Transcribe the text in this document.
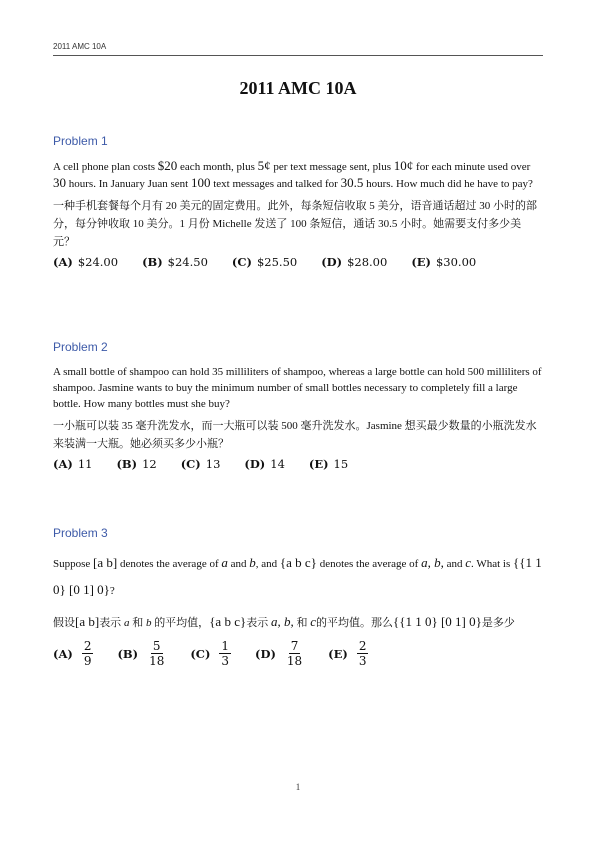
2011 AMC 10A
2011 AMC 10A
Problem 1

A cell phone plan costs $20 each month, plus 5¢ per text message sent, plus 10¢ for each minute used over 30 hours. In January Juan sent 100 text messages and talked for 30.5 hours. How much did he have to pay?

一种手机套餐每个月有 20 美元的固定费用。此外，每条短信收取 5 美分，语音通话超过 30 小时的部分，每分钟收取 10 美分。1 月份 Michelle 发送了 100 条短信，通话 30.5 小时。她需要支付多少美元？

(A) $24.00 (B) $24.50 (C) $25.50 (D) $28.00 (E) $30.00
Problem 2

A small bottle of shampoo can hold 35 milliliters of shampoo, whereas a large bottle can hold 500 milliliters of shampoo. Jasmine wants to buy the minimum number of small bottles necessary to completely fill a large bottle. How many bottles must she buy?

一小瓶可以装 35 毫升洗发水，而一大瓶可以装 500 毫升洗发水。Jasmine 想买最少数量的小瓶洗发水来装满一大瓶。她必须买多少小瓶？

(A) 11 (B) 12 (C) 13 (D) 14 (E) 15
Problem 3

Suppose [a b] denotes the average of a and b, and {a b c} denotes the average of a, b, and c. What is {{1 1 0} [0 1] 0}?

假设[a b]表示 a 和 b 的平均值，{a b c}表示 a, b, 和 c的平均值。那么{{1 1 0} [0 1] 0}是多少

$(A) \frac{2}{9} (B) \frac{5}{18} (C) \frac{1}{3} (D) \frac{7}{18} (E) \frac{2}{3}$
1
